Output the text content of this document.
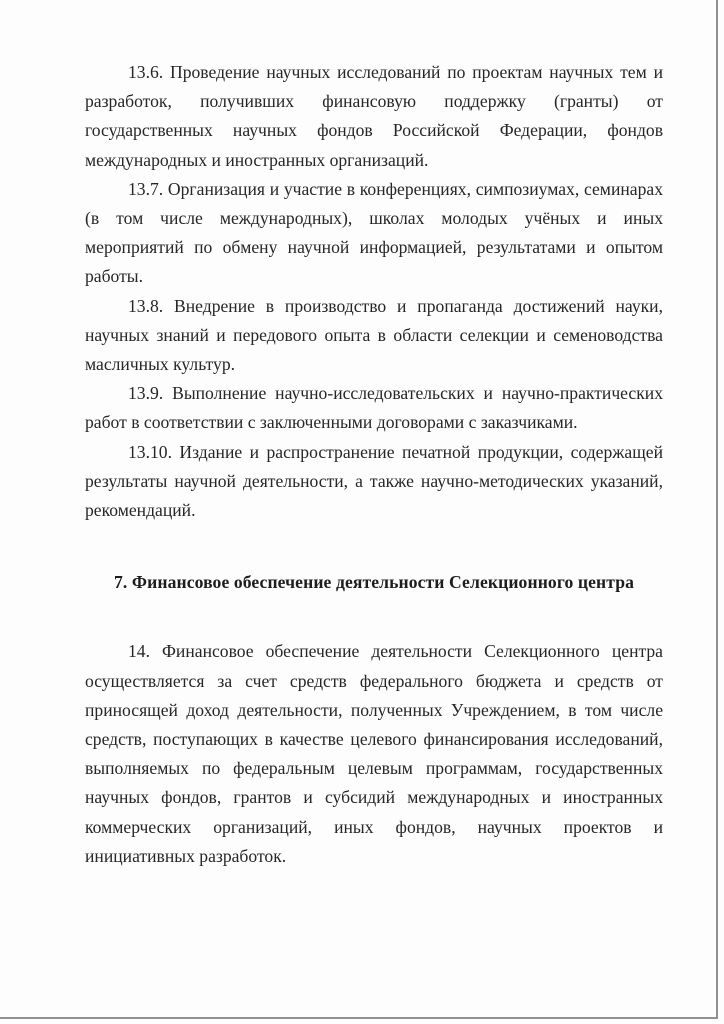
13.6. Проведение научных исследований по проектам научных тем и разработок, получивших финансовую поддержку (гранты) от государственных научных фондов Российской Федерации, фондов международных и иностранных организаций.

13.7. Организация и участие в конференциях, симпозиумах, семинарах (в том числе международных), школах молодых учёных и иных мероприятий по обмену научной информацией, результатами и опытом работы.

13.8. Внедрение в производство и пропаганда достижений науки, научных знаний и передового опыта в области селекции и семеноводства масличных культур.

13.9. Выполнение научно-исследовательских и научно-практических работ в соответствии с заключенными договорами с заказчиками.

13.10. Издание и распространение печатной продукции, содержащей результаты научной деятельности, а также научно-методических указаний, рекомендаций.

7. Финансовое обеспечение деятельности Селекционного центра

14. Финансовое обеспечение деятельности Селекционного центра осуществляется за счет средств федерального бюджета и средств от приносящей доход деятельности, полученных Учреждением, в том числе средств, поступающих в качестве целевого финансирования исследований, выполняемых по федеральным целевым программам, государственных научных фондов, грантов и субсидий международных и иностранных коммерческих организаций, иных фондов, научных проектов и инициативных разработок.
